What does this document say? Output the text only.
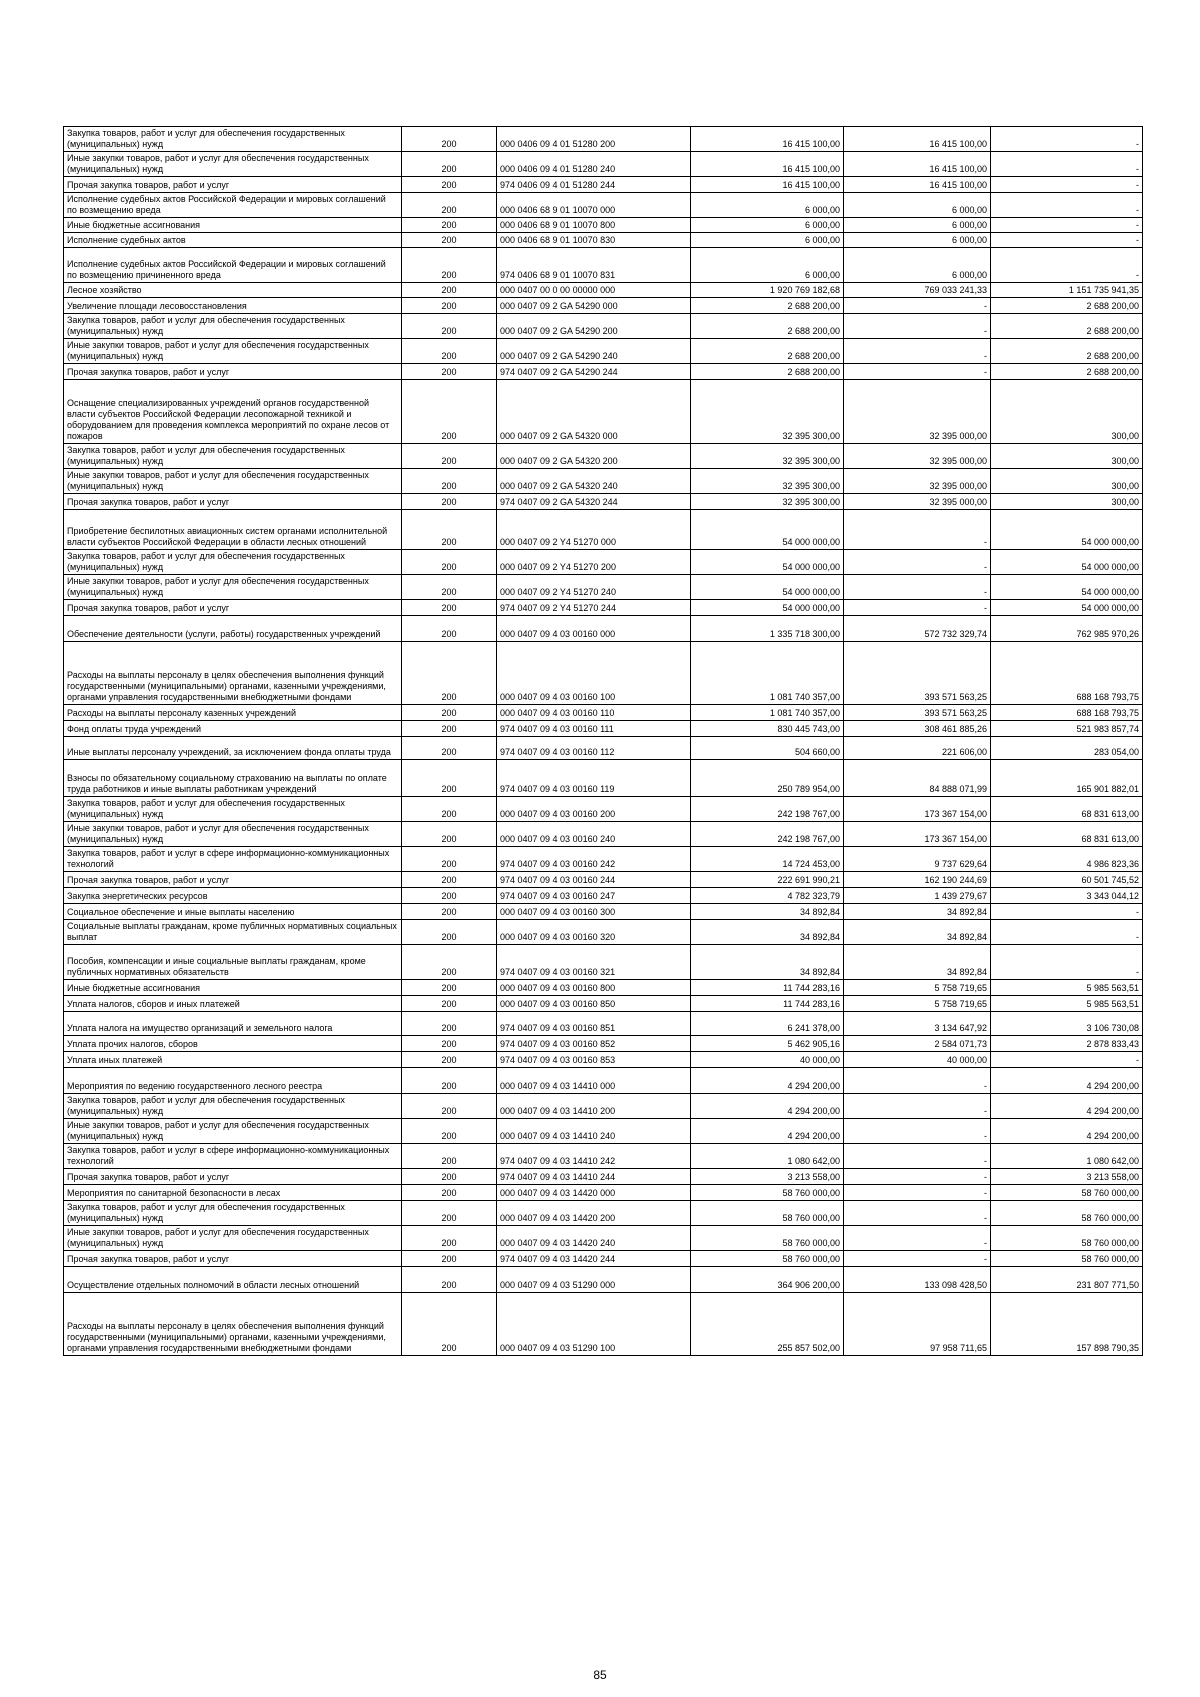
Закупка товаров, работ и услуг для обеспечения государственных (муниципальных) нужд	200	000 0406 09 4 01 51280 200	16 415 100,00	16 415 100,00	-
Иные закупки товаров, работ и услуг для обеспечения государственных (муниципальных) нужд	200	000 0406 09 4 01 51280 240	16 415 100,00	16 415 100,00	-
Прочая закупка товаров, работ и услуг	200	974 0406 09 4 01 51280 244	16 415 100,00	16 415 100,00	-
Исполнение судебных актов Российской Федерации и мировых соглашений по возмещению вреда	200	000 0406 68 9 01 10070 000	6 000,00	6 000,00	-
Иные бюджетные ассигнования	200	000 0406 68 9 01 10070 800	6 000,00	6 000,00	-
Исполнение судебных актов	200	000 0406 68 9 01 10070 830	6 000,00	6 000,00	-
Исполнение судебных актов Российской Федерации и мировых соглашений по возмещению причиненного вреда	200	974 0406 68 9 01 10070 831	6 000,00	6 000,00	-
Лесное хозяйство	200	000 0407 00 0 00 00000 000	1 920 769 182,68	769 033 241,33	1 151 735 941,35
Увеличение площади лесовосстановления	200	000 0407 09 2 GA 54290 000	2 688 200,00	-	2 688 200,00
Закупка товаров, работ и услуг для обеспечения государственных (муниципальных) нужд	200	000 0407 09 2 GA 54290 200	2 688 200,00	-	2 688 200,00
Иные закупки товаров, работ и услуг для обеспечения государственных (муниципальных) нужд	200	000 0407 09 2 GA 54290 240	2 688 200,00	-	2 688 200,00
Прочая закупка товаров, работ и услуг	200	974 0407 09 2 GA 54290 244	2 688 200,00	-	2 688 200,00
Оснащение специализированных учреждений органов государственной власти субъектов Российской Федерации лесопожарной техникой и оборудованием для проведения комплекса мероприятий по охране лесов от пожаров	200	000 0407 09 2 GA 54320 000	32 395 300,00	32 395 000,00	300,00
Закупка товаров, работ и услуг для обеспечения государственных (муниципальных) нужд	200	000 0407 09 2 GA 54320 200	32 395 300,00	32 395 000,00	300,00
Иные закупки товаров, работ и услуг для обеспечения государственных (муниципальных) нужд	200	000 0407 09 2 GA 54320 240	32 395 300,00	32 395 000,00	300,00
Прочая закупка товаров, работ и услуг	200	974 0407 09 2 GA 54320 244	32 395 300,00	32 395 000,00	300,00
Приобретение беспилотных авиационных систем органами исполнительной власти субъектов Российской Федерации в области лесных отношений	200	000 0407 09 2 Y4 51270 000	54 000 000,00	-	54 000 000,00
Закупка товаров, работ и услуг для обеспечения государственных (муниципальных) нужд	200	000 0407 09 2 Y4 51270 200	54 000 000,00	-	54 000 000,00
Иные закупки товаров, работ и услуг для обеспечения государственных (муниципальных) нужд	200	000 0407 09 2 Y4 51270 240	54 000 000,00	-	54 000 000,00
Прочая закупка товаров, работ и услуг	200	974 0407 09 2 Y4 51270 244	54 000 000,00	-	54 000 000,00
Обеспечение деятельности (услуги, работы) государственных учреждений	200	000 0407 09 4 03 00160 000	1 335 718 300,00	572 732 329,74	762 985 970,26
Расходы на выплаты персоналу в целях обеспечения выполнения функций государственными (муниципальными) органами, казенными учреждениями, органами управления государственными внебюджетными фондами	200	000 0407 09 4 03 00160 100	1 081 740 357,00	393 571 563,25	688 168 793,75
Расходы на выплаты персоналу казенных учреждений	200	000 0407 09 4 03 00160 110	1 081 740 357,00	393 571 563,25	688 168 793,75
Фонд оплаты труда учреждений	200	974 0407 09 4 03 00160 111	830 445 743,00	308 461 885,26	521 983 857,74
Иные выплаты персоналу учреждений, за исключением фонда оплаты труда	200	974 0407 09 4 03 00160 112	504 660,00	221 606,00	283 054,00
Взносы по обязательному социальному страхованию на выплаты по оплате труда работников и иные выплаты работникам учреждений	200	974 0407 09 4 03 00160 119	250 789 954,00	84 888 071,99	165 901 882,01
Закупка товаров, работ и услуг для обеспечения государственных (муниципальных) нужд	200	000 0407 09 4 03 00160 200	242 198 767,00	173 367 154,00	68 831 613,00
Иные закупки товаров, работ и услуг для обеспечения государственных (муниципальных) нужд	200	000 0407 09 4 03 00160 240	242 198 767,00	173 367 154,00	68 831 613,00
Закупка товаров, работ и услуг в сфере информационно-коммуникационных технологий	200	974 0407 09 4 03 00160 242	14 724 453,00	9 737 629,64	4 986 823,36
Прочая закупка товаров, работ и услуг	200	974 0407 09 4 03 00160 244	222 691 990,21	162 190 244,69	60 501 745,52
Закупка энергетических ресурсов	200	974 0407 09 4 03 00160 247	4 782 323,79	1 439 279,67	3 343 044,12
Социальное обеспечение и иные выплаты населению	200	000 0407 09 4 03 00160 300	34 892,84	34 892,84	-
Социальные выплаты гражданам, кроме публичных нормативных социальных выплат	200	000 0407 09 4 03 00160 320	34 892,84	34 892,84	-
Пособия, компенсации и иные социальные выплаты гражданам, кроме публичных нормативных обязательств	200	974 0407 09 4 03 00160 321	34 892,84	34 892,84	-
Иные бюджетные ассигнования	200	000 0407 09 4 03 00160 800	11 744 283,16	5 758 719,65	5 985 563,51
Уплата налогов, сборов и иных платежей	200	000 0407 09 4 03 00160 850	11 744 283,16	5 758 719,65	5 985 563,51
Уплата налога на имущество организаций и земельного налога	200	974 0407 09 4 03 00160 851	6 241 378,00	3 134 647,92	3 106 730,08
Уплата прочих налогов, сборов	200	974 0407 09 4 03 00160 852	5 462 905,16	2 584 071,73	2 878 833,43
Уплата иных платежей	200	974 0407 09 4 03 00160 853	40 000,00	40 000,00	-
Мероприятия по ведению государственного лесного реестра	200	000 0407 09 4 03 14410 000	4 294 200,00	-	4 294 200,00
Закупка товаров, работ и услуг для обеспечения государственных (муниципальных) нужд	200	000 0407 09 4 03 14410 200	4 294 200,00	-	4 294 200,00
Иные закупки товаров, работ и услуг для обеспечения государственных (муниципальных) нужд	200	000 0407 09 4 03 14410 240	4 294 200,00	-	4 294 200,00
Закупка товаров, работ и услуг в сфере информационно-коммуникационных технологий	200	974 0407 09 4 03 14410 242	1 080 642,00	-	1 080 642,00
Прочая закупка товаров, работ и услуг	200	974 0407 09 4 03 14410 244	3 213 558,00	-	3 213 558,00
Мероприятия по санитарной безопасности в лесах	200	000 0407 09 4 03 14420 000	58 760 000,00	-	58 760 000,00
Закупка товаров, работ и услуг для обеспечения государственных (муниципальных) нужд	200	000 0407 09 4 03 14420 200	58 760 000,00	-	58 760 000,00
Иные закупки товаров, работ и услуг для обеспечения государственных (муниципальных) нужд	200	000 0407 09 4 03 14420 240	58 760 000,00	-	58 760 000,00
Прочая закупка товаров, работ и услуг	200	974 0407 09 4 03 14420 244	58 760 000,00	-	58 760 000,00
Осуществление отдельных полномочий в области лесных отношений	200	000 0407 09 4 03 51290 000	364 906 200,00	133 098 428,50	231 807 771,50
Расходы на выплаты персоналу в целях обеспечения выполнения функций государственными (муниципальными) органами, казенными учреждениями, органами управления государственными внебюджетными фондами	200	000 0407 09 4 03 51290 100	255 857 502,00	97 958 711,65	157 898 790,35
85
